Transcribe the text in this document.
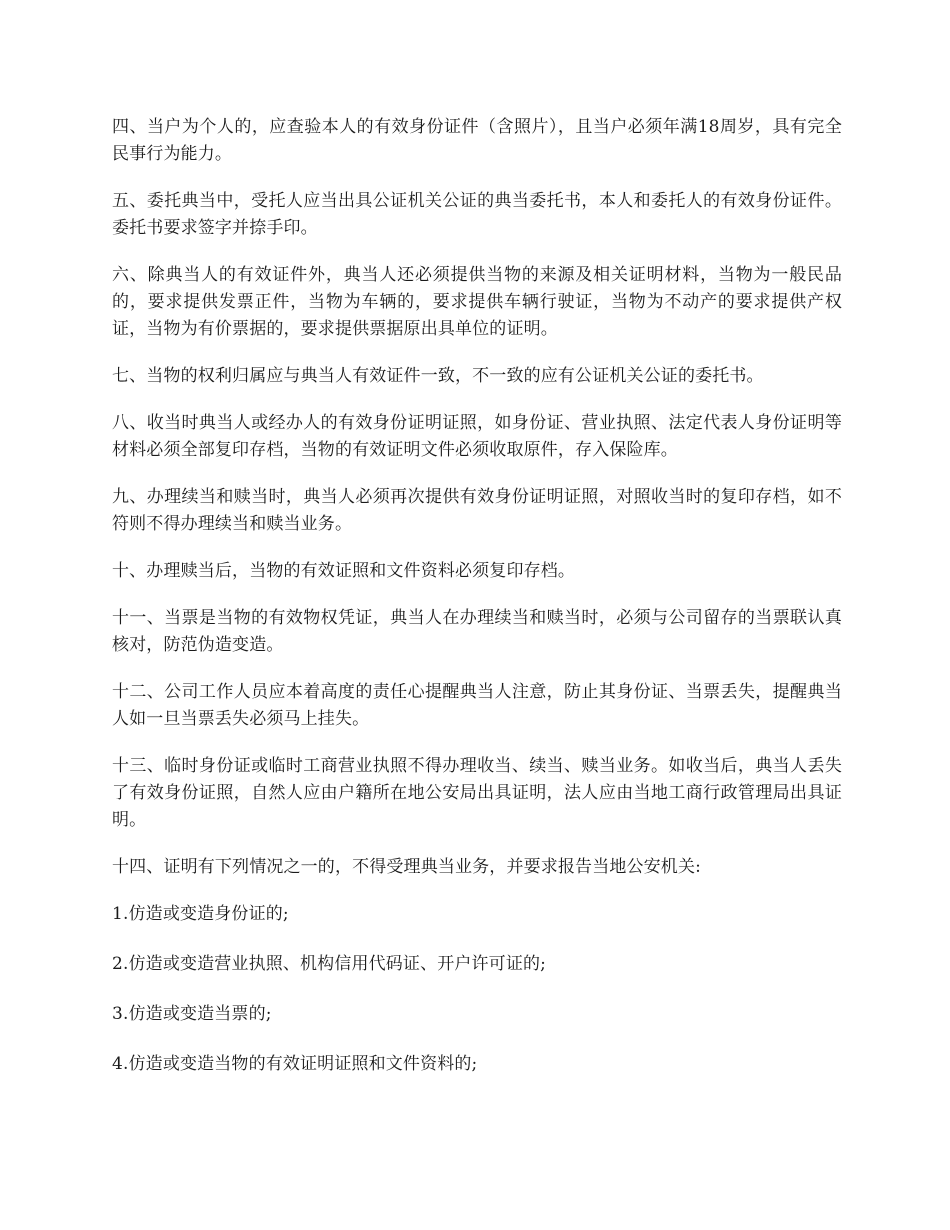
四、当户为个人的，应查验本人的有效身份证件（含照片），且当户必须年满18周岁，具有完全民事行为能力。

五、委托典当中，受托人应当出具公证机关公证的典当委托书，本人和委托人的有效身份证件。委托书要求签字并捺手印。

六、除典当人的有效证件外，典当人还必须提供当物的来源及相关证明材料，当物为一般民品的，要求提供发票正件，当物为车辆的，要求提供车辆行驶证，当物为不动产的要求提供产权证，当物为有价票据的，要求提供票据原出具单位的证明。

七、当物的权利归属应与典当人有效证件一致，不一致的应有公证机关公证的委托书。

八、收当时典当人或经办人的有效身份证明证照，如身份证、营业执照、法定代表人身份证明等材料必须全部复印存档，当物的有效证明文件必须收取原件，存入保险库。

九、办理续当和赎当时，典当人必须再次提供有效身份证明证照，对照收当时的复印存档，如不符则不得办理续当和赎当业务。

十、办理赎当后，当物的有效证照和文件资料必须复印存档。

十一、当票是当物的有效物权凭证，典当人在办理续当和赎当时，必须与公司留存的当票联认真核对，防范伪造变造。

十二、公司工作人员应本着高度的责任心提醒典当人注意，防止其身份证、当票丢失，提醒典当人如一旦当票丢失必须马上挂失。

十三、临时身份证或临时工商营业执照不得办理收当、续当、赎当业务。如收当后，典当人丢失了有效身份证照，自然人应由户籍所在地公安局出具证明，法人应由当地工商行政管理局出具证明。

十四、证明有下列情况之一的，不得受理典当业务，并要求报告当地公安机关:

1.仿造或变造身份证的;

2.仿造或变造营业执照、机构信用代码证、开户许可证的;

3.仿造或变造当票的;

4.仿造或变造当物的有效证明证照和文件资料的;
